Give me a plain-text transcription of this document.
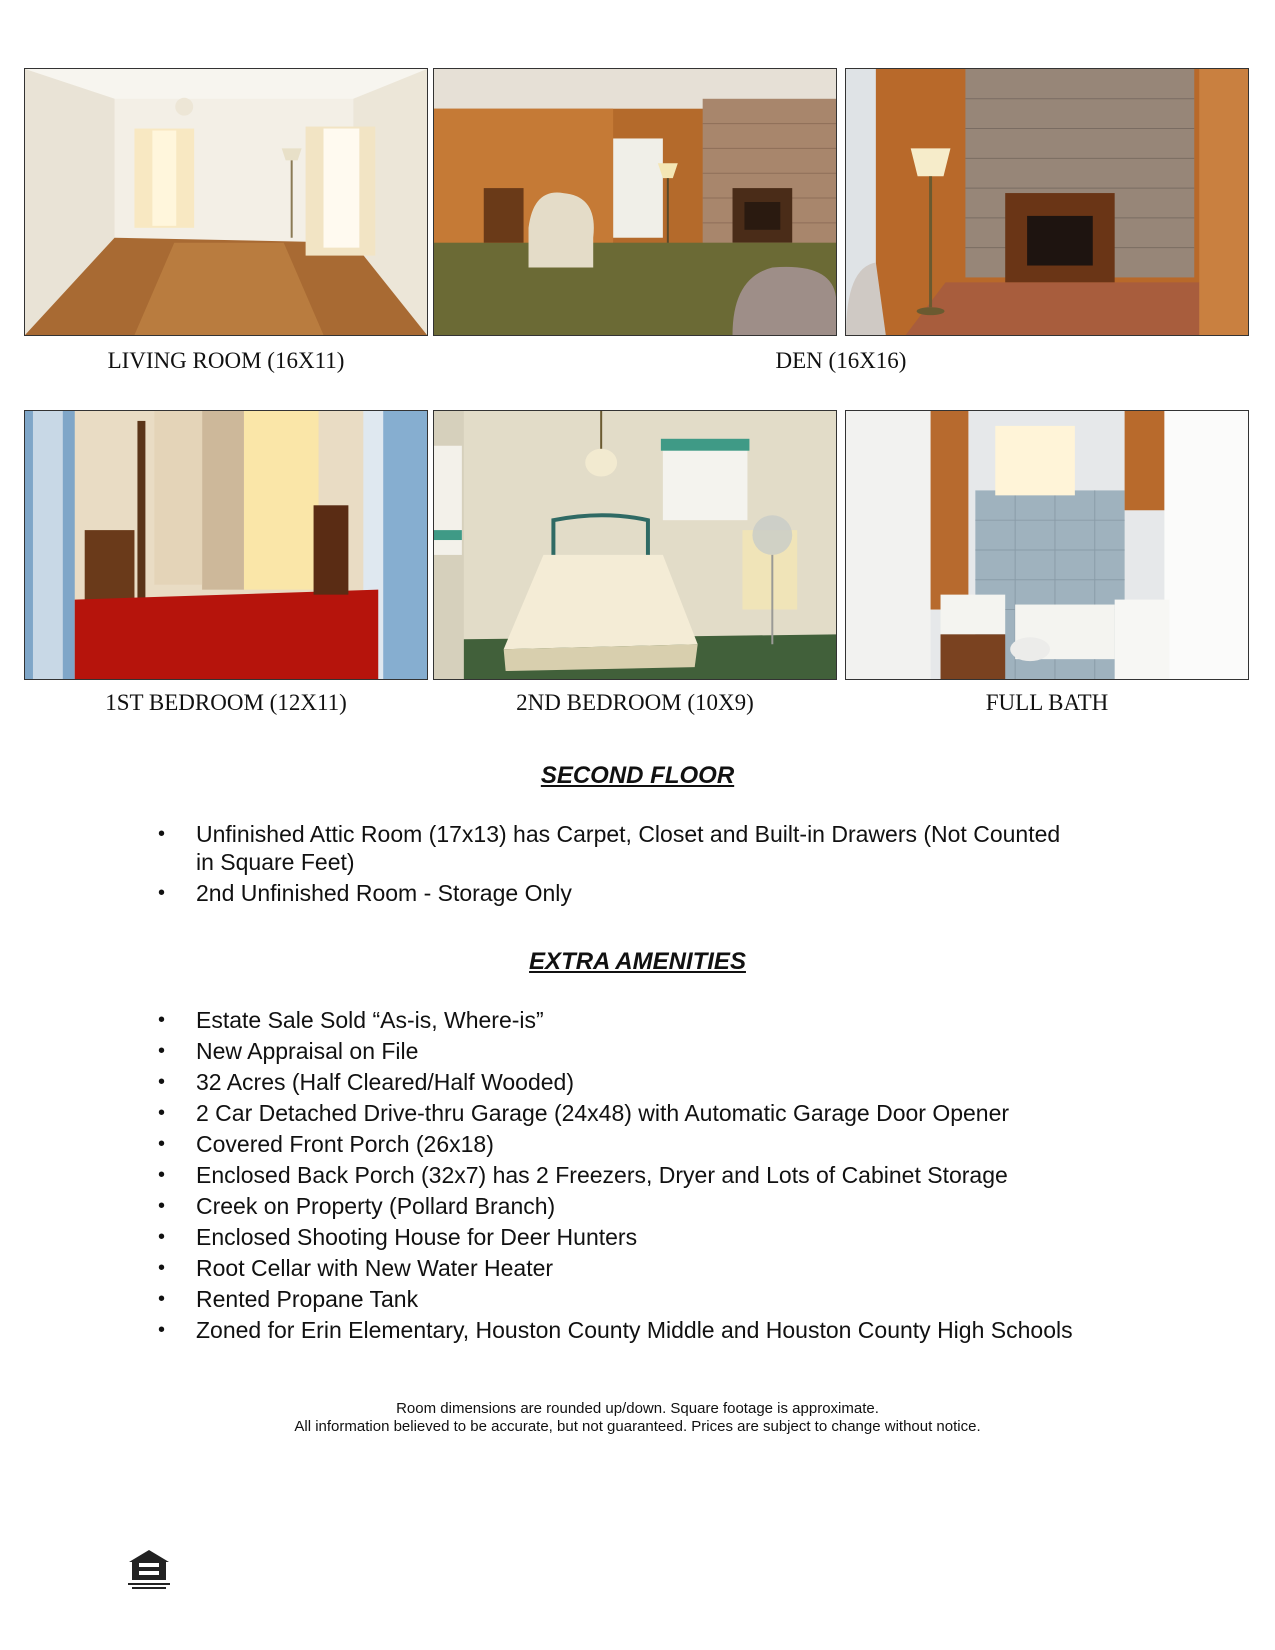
LIVING ROOM (16X11)	DEN (16X16)
1ST BEDROOM (12X11)	2ND BEDROOM (10X9)	FULL BATH
SECOND FLOOR
• Unfinished Attic Room (17x13) has Carpet, Closet and Built-in Drawers (Not Counted in Square Feet)
• 2nd Unfinished Room - Storage Only
EXTRA AMENITIES
• Estate Sale Sold “As-is, Where-is”
• New Appraisal on File
• 32 Acres (Half Cleared/Half Wooded)
• 2 Car Detached Drive-thru Garage (24x48) with Automatic Garage Door Opener
• Covered Front Porch (26x18)
• Enclosed Back Porch (32x7) has 2 Freezers, Dryer and Lots of Cabinet Storage
• Creek on Property (Pollard Branch)
• Enclosed Shooting House for Deer Hunters
• Root Cellar with New Water Heater
• Rented Propane Tank
• Zoned for Erin Elementary, Houston County Middle and Houston County High Schools
Room dimensions are rounded up/down. Square footage is approximate.
All information believed to be accurate, but not guaranteed. Prices are subject to change without notice.
